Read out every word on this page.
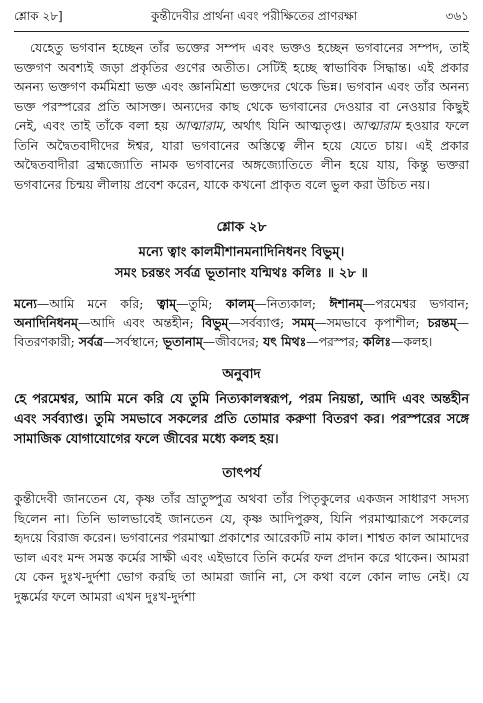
শ্লোক ২৮]	কুন্তীদেবীর প্রার্থনা এবং পরীক্ষিতের প্রাণরক্ষা	৩৬১

যেহেতু ভগবান হচ্ছেন তাঁর ভক্তের সম্পদ এবং ভক্তও হচ্ছেন ভগবানের সম্পদ, তাই ভক্তগণ অবশ্যই জড়া প্রকৃতির গুণের অতীত। সেটিই হচ্ছে স্বাভাবিক সিদ্ধান্ত। এই প্রকার অনন্য ভক্তগণ কর্মমিশ্রা ভক্ত এবং জ্ঞানমিশ্রা ভক্তদের থেকে ভিন্ন। ভগবান এবং তাঁর অনন্য ভক্ত পরস্পরের প্রতি আসক্ত। অন্যদের কাছ থেকে ভগবানের দেওয়ার বা নেওয়ার কিছুই নেই, এবং তাই তাঁকে বলা হয় আত্মারাম, অর্থাৎ যিনি আত্মতৃপ্ত। আত্মারাম হওয়ার ফলে তিনি অদ্বৈতবাদীদের ঈশ্বর, যারা ভগবানের অস্তিত্বে লীন হয়ে যেতে চায়। এই প্রকার অদ্বৈতবাদীরা ব্রহ্মজ্যোতি নামক ভগবানের অঙ্গজ্যোতিতে লীন হয়ে যায়, কিন্তু ভক্তরা ভগবানের চিন্ময় লীলায় প্রবেশ করেন, যাকে কখনো প্রাকৃত বলে ভুল করা উচিত নয়।

শ্লোক ২৮

মন্যে ত্বাং কালমীশানমনাদিনিধনং বিভুম্‌।

সমং চরন্তং সর্বত্র ভূতানাং যন্মিথঃ কলিঃ ॥ ২৮ ॥

মন্যে—আমি মনে করি; ত্বাম্‌—তুমি; কালম্‌—নিত্যকাল; ঈশানম্‌—পরমেশ্বর ভগবান; অনাদিনিধনম্‌—আদি এবং অন্তহীন; বিভুম্‌—সর্বব্যাপ্ত; সমম্‌—সমভাবে কৃপাশীল; চরন্তম্‌—বিতরণকারী; সর্বত্র—সর্বস্থানে; ভূতানাম্‌—জীবদের; যৎ মিথঃ—পরস্পর; কলিঃ—কলহ।

অনুবাদ

হে পরমেশ্বর, আমি মনে করি যে তুমি নিত্যকালস্বরূপ, পরম নিয়ন্তা, আদি এবং অন্তহীন এবং সর্বব্যাপ্ত। তুমি সমভাবে সকলের প্রতি তোমার করুণা বিতরণ কর। পরস্পরের সঙ্গে সামাজিক যোগাযোগের ফলে জীবের মধ্যে কলহ হয়।

তাৎপর্য

কুন্তীদেবী জানতেন যে, কৃষ্ণ তাঁর ভ্রাতুষ্পুত্র অথবা তাঁর পিতৃকুলের একজন সাধারণ সদস্য ছিলেন না। তিনি ভালভাবেই জানতেন যে, কৃষ্ণ আদিপুরুষ, যিনি পরমাত্মারূপে সকলের হৃদয়ে বিরাজ করেন। ভগবানের পরমাত্মা প্রকাশের আরেকটি নাম কাল। শাশ্বত কাল আমাদের ভাল এবং মন্দ সমস্ত কর্মের সাক্ষী এবং এইভাবে তিনি কর্মের ফল প্রদান করে থাকেন। আমরা যে কেন দুঃখ-দুর্দশা ভোগ করছি তা আমরা জানি না, সে কথা বলে কোন লাভ নেই। যে দুষ্কর্মের ফলে আমরা এখন দুঃখ-দুর্দশা
